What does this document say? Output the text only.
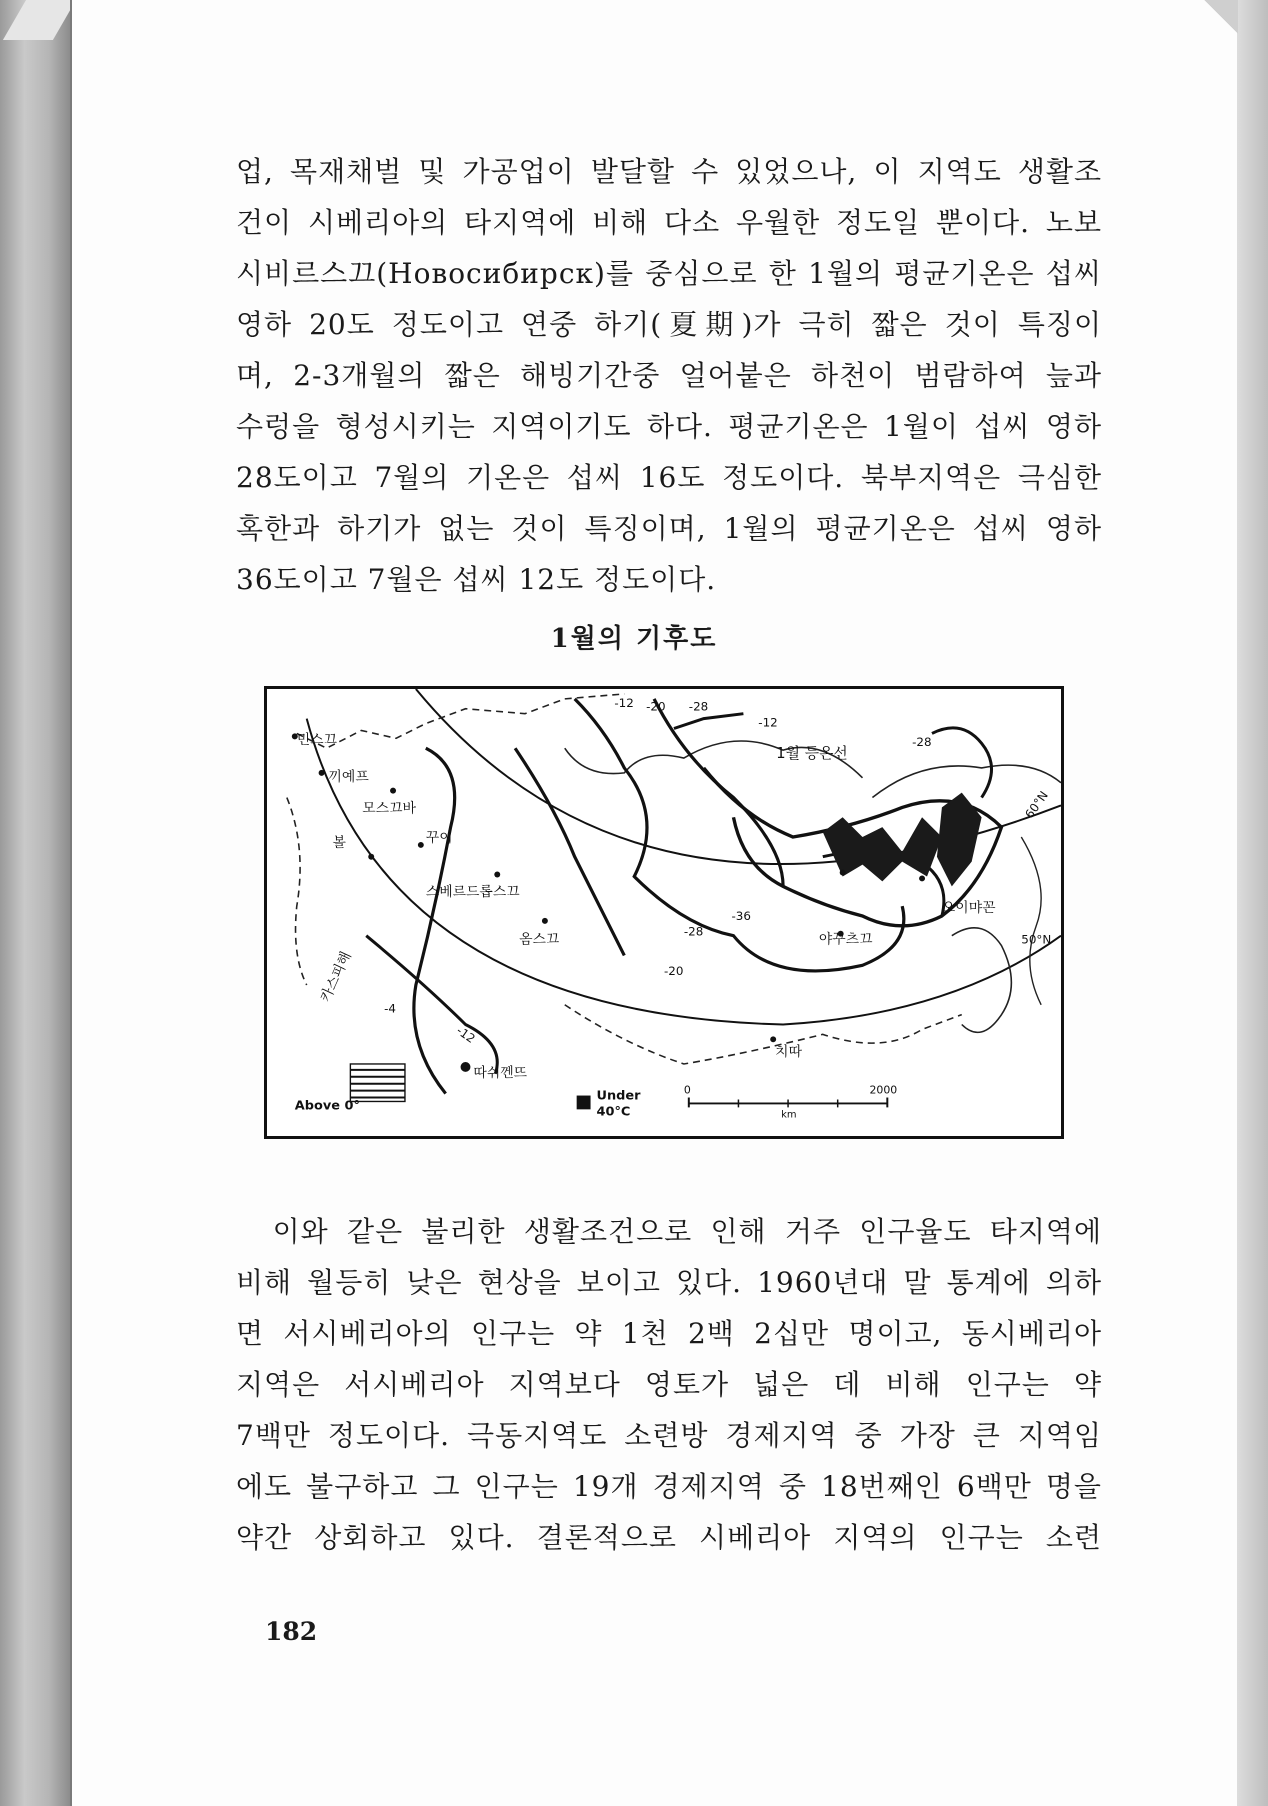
업, 목재채벌 및 가공업이 발달할 수 있었으나, 이 지역도 생활조

건이 시베리아의 타지역에 비해 다소 우월한 정도일 뿐이다. 노보

시비르스끄(Новосибирск)를 중심으로 한 1월의 평균기온은 섭씨

영하 20도 정도이고 연중 하기(夏期)가 극히 짧은 것이 특징이

며, 2-3개월의 짧은 해빙기간중 얼어붙은 하천이 범람하여 늪과

수렁을 형성시키는 지역이기도 하다. 평균기온은 1월이 섭씨 영하

28도이고 7월의 기온은 섭씨 16도 정도이다. 북부지역은 극심한

혹한과 하기가 없는 것이 특징이며, 1월의 평균기온은 섭씨 영하

36도이고 7월은 섭씨 12도 정도이다.

1월의 기후도
민스끄
끼예프
모스끄바
볼	꾸이
스베르드롭스끄
옴스끄	야꾸츠끄
오이먀꼰
치따
따쉬껜뜨
카스피해
1월 등온선
-12 -20 -28
-12
-28
-36
-28
-20
-12
-4
60°N
50°N
Above 0°
Under
40°C
0	2000
km

이와 같은 불리한 생활조건으로 인해 거주 인구율도 타지역에

비해 월등히 낮은 현상을 보이고 있다. 1960년대 말 통계에 의하

면 서시베리아의 인구는 약 1천 2백 2십만 명이고, 동시베리아

지역은 서시베리아 지역보다 영토가 넓은 데 비해 인구는 약

7백만 정도이다. 극동지역도 소련방 경제지역 중 가장 큰 지역임

에도 불구하고 그 인구는 19개 경제지역 중 18번째인 6백만 명을

약간 상회하고 있다. 결론적으로 시베리아 지역의 인구는 소련

182
